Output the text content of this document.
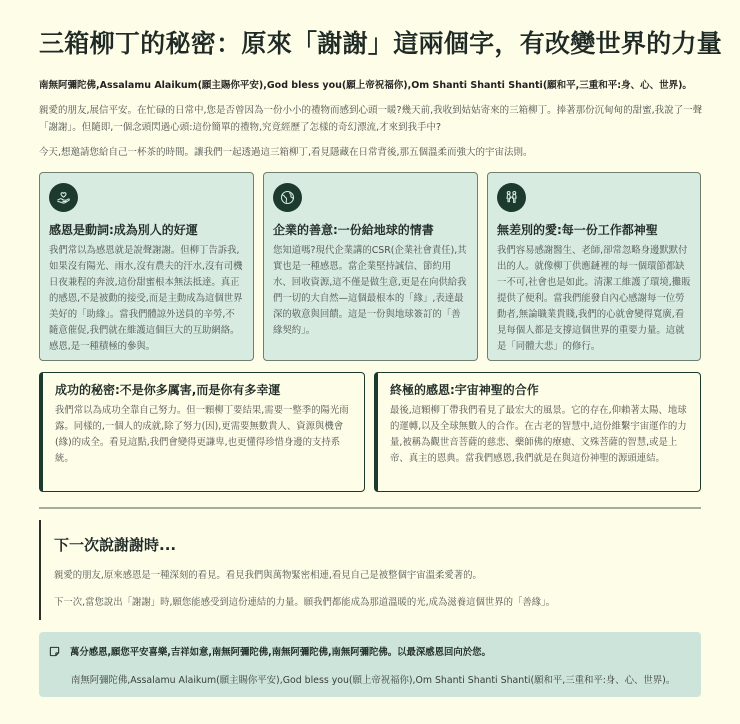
三箱柳丁的秘密：原來「謝謝」這兩個字，有改變世界的力量
南無阿彌陀佛,Assalamu Alaikum(願主賜你平安),God bless you(願上帝祝福你),Om Shanti Shanti Shanti(願和平,三重和平:身、心、世界)。

親愛的朋友,展信平安。在忙碌的日常中,您是否曾因為一份小小的禮物而感到心頭一暖?幾天前,我收到姑姑寄來的三箱柳丁。捧著那份沉甸甸的甜蜜,我說了一聲「謝謝」。但隨即,一個念頭閃過心頭:這份簡單的禮物,究竟經歷了怎樣的奇幻漂流,才來到我手中?

今天,想邀請您給自己一杯茶的時間。讓我們一起透過這三箱柳丁,看見隱藏在日常背後,那五個溫柔而強大的宇宙法則。

感恩是動詞:成為別人的好運

我們常以為感恩就是說聲謝謝。但柳丁告訴我,如果沒有陽光、雨水,沒有農夫的汗水,沒有司機日夜兼程的奔波,這份甜蜜根本無法抵達。真正的感恩,不是被動的接受,而是主動成為這個世界美好的「助緣」。當我們體諒外送員的辛勞,不隨意催促,我們就在維護這個巨大的互助網絡。感恩,是一種積極的參與。

企業的善意:一份給地球的情書

您知道嗎?現代企業講的CSR(企業社會責任),其實也是一種感恩。當企業堅持誠信、節約用水、回收資源,這不僅是做生意,更是在向供給我們一切的大自然—這個最根本的「緣」,表達最深的敬意與回饋。這是一份與地球簽訂的「善緣契約」。

無差別的愛:每一份工作都神聖

我們容易感謝醫生、老師,卻常忽略身邊默默付出的人。就像柳丁供應鏈裡的每一個環節都缺一不可,社會也是如此。清潔工維護了環境,攤販提供了便利。當我們能發自內心感謝每一位勞動者,無論職業貴賤,我們的心就會變得寬廣,看見每個人都是支撐這個世界的重要力量。這就是「同體大悲」的修行。

成功的秘密:不是你多厲害,而是你有多幸運

我們常以為成功全靠自己努力。但一顆柳丁要結果,需要一整季的陽光雨露。同樣的,一個人的成就,除了努力(因),更需要無數貴人、資源與機會(緣)的成全。看見這點,我們會變得更謙卑,也更懂得珍惜身邊的支持系統。

終極的感恩:宇宙神聖的合作

最後,這顆柳丁帶我們看見了最宏大的風景。它的存在,仰賴著太陽、地球的運轉,以及全球無數人的合作。在古老的智慧中,這份維繫宇宙運作的力量,被稱為觀世音菩薩的慈悲、藥師佛的療癒、文殊菩薩的智慧,或是上帝、真主的恩典。當我們感恩,我們就是在與這份神聖的源頭連結。

下一次說謝謝時...

親愛的朋友,原來感恩是一種深刻的看見。看見我們與萬物緊密相連,看見自己是被整個宇宙溫柔愛著的。

下一次,當您說出「謝謝」時,願您能感受到這份連結的力量。願我們都能成為那道溫暖的光,成為滋養這個世界的「善緣」。

萬分感恩,願您平安喜樂,吉祥如意,南無阿彌陀佛,南無阿彌陀佛,南無阿彌陀佛。以最深感恩回向於您。
南無阿彌陀佛,Assalamu Alaikum(願主賜你平安),God bless you(願上帝祝福你),Om Shanti Shanti Shanti(願和平,三重和平:身、心、世界)。
